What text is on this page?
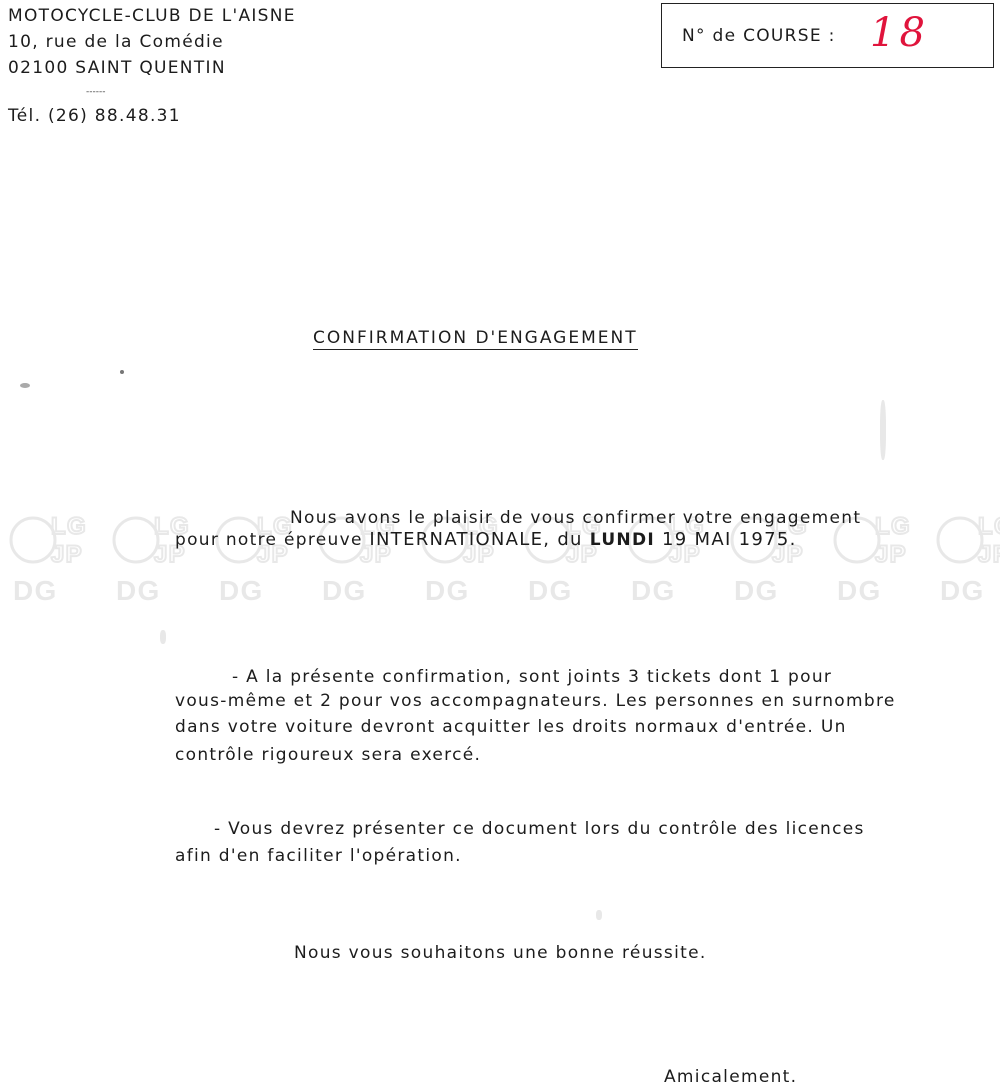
MOTOCYCLE-CLUB DE L'AISNE
10, rue de la Comédie
02100 SAINT QUENTIN
------
Tél. (26) 88.48.31
N° de COURSE : 18
CONFIRMATION D'ENGAGEMENT
LG
JP
DG
Nous avons le plaisir de vous confirmer votre engagement
pour notre épreuve INTERNATIONALE, du LUNDI 19 MAI 1975.
- A la présente confirmation, sont joints 3 tickets dont 1 pour
vous-même et 2 pour vos accompagnateurs. Les personnes en surnombre
dans votre voiture devront acquitter les droits normaux d'entrée. Un
contrôle rigoureux sera exercé.
- Vous devrez présenter ce document lors du contrôle des licences
afin d'en faciliter l'opération.
Nous vous souhaitons une bonne réussite.
Amicalement.
